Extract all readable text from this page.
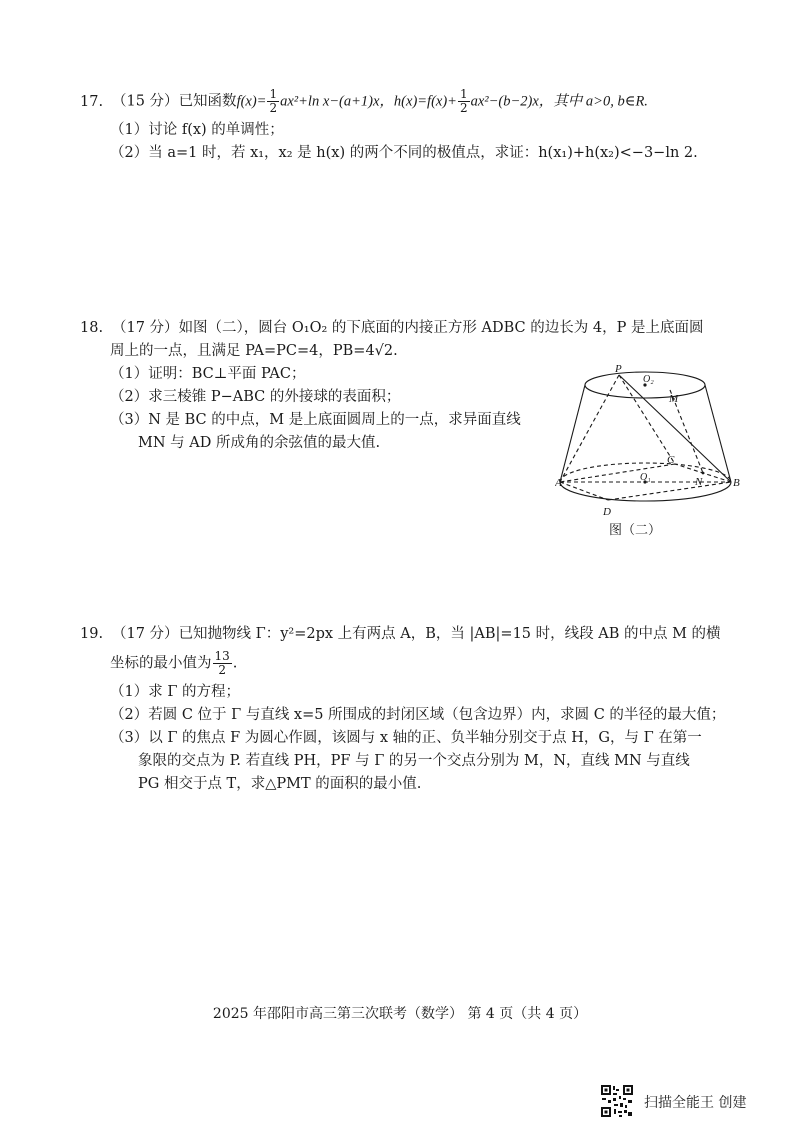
17. （15 分）已知函数$f(x)= \frac{1}{2} ax^2+\ln$ x−(a+1)x，$h(x)=f(x)+ \frac{1}{2} ax^2-(b-2)x$，其中 a>0, b∈R.

（1）讨论 f(x) 的单调性；

（2）当 a=1 时，若 x₁，x₂ 是 h(x) 的两个不同的极值点，求证：h(x₁)+h(x₂)<−3−ln 2.

18. （17 分）如图（二），圆台 O₁O₂ 的下底面的内接正方形 ADBC 的边长为 4，P 是上底面圆

周上的一点，且满足 PA=PC=4，PB=4√2.

（1）证明：BC⊥平面 PAC；

（2）求三棱锥 P−ABC 的外接球的表面积；

（3）N 是 BC 的中点，M 是上底面圆周上的一点，求异面直线

MN 与 AD 所成角的余弦值的最大值.

P
O₂
M
C
O₁	N
A	B
D
图（二）

19. （17 分）已知抛物线 Γ：y²=2px 上有两点 A，B，当 |AB|=15 时，线段 AB 的中点 M 的横

坐标的最小值为 $\frac{13}{2}$ .

（1）求 Γ 的方程；

（2）若圆 C 位于 Γ 与直线 x=5 所围成的封闭区域（包含边界）内，求圆 C 的半径的最大值；

（3）以 Γ 的焦点 F 为圆心作圆，该圆与 x 轴的正、负半轴分别交于点 H，G，与 Γ 在第一

象限的交点为 P. 若直线 PH，PF 与 Γ 的另一个交点分别为 M，N，直线 MN 与直线

PG 相交于点 T，求△PMT 的面积的最小值.

2025 年邵阳市高三第三次联考（数学） 第 4 页（共 4 页）
扫描全能王 创建
